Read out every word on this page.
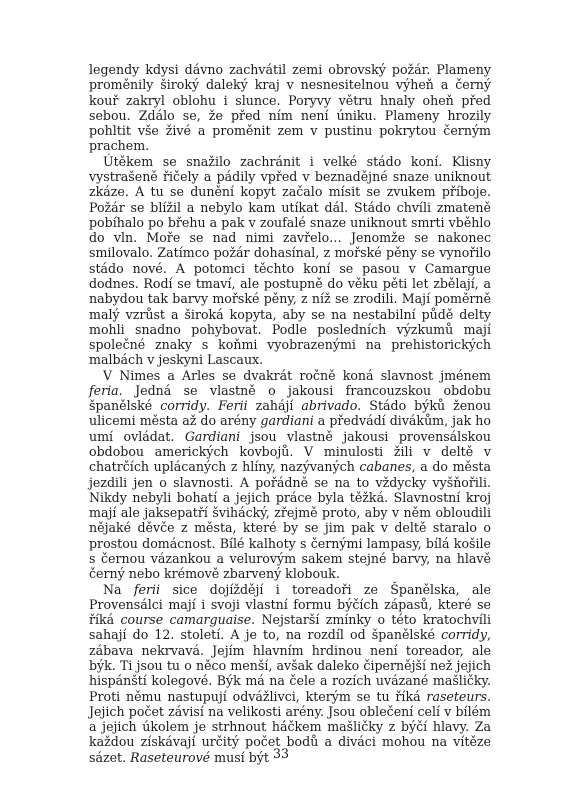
legendy kdysi dávno zachvátil zemi obrovský požár. Plameny proměnily široký daleký kraj v nesnesitelnou výheň a černý kouř zakryl oblohu i slunce. Poryvy větru hnaly oheň před sebou. Zdálo se, že před ním není úniku. Plameny hrozily pohltit vše živé a proměnit zem v pustinu pokrytou černým prachem.

Útěkem se snažilo zachránit i velké stádo koní. Klisny vystrašeně řičely a pádily vpřed v beznadějné snaze uniknout zkáze. A tu se dunění kopyt začalo mísit se zvukem příboje. Požár se blížil a nebylo kam utíkat dál. Stádo chvíli zmateně pobíhalo po břehu a pak v zoufalé snaze uniknout smrti vběhlo do vln. Moře se nad nimi zavřelo… Jenomže se nakonec smilovalo. Zatímco požár dohasínal, z mořské pěny se vynořilo stádo nové. A potomci těchto koní se pasou v Camargue dodnes. Rodí se tmaví, ale postupně do věku pěti let zbělají, a nabydou tak barvy mořské pěny, z níž se zrodili. Mají poměrně malý vzrůst a široká kopyta, aby se na nestabilní půdě delty mohli snadno pohybovat. Podle posledních výzkumů mají společné znaky s koňmi vyobrazenými na prehistorických malbách v jeskyni Lascaux.

V Nimes a Arles se dvakrát ročně koná slavnost jménem feria. Jedná se vlastně o jakousi francouzskou obdobu španělské corridy. Ferii zahájí abrivado. Stádo býků ženou ulicemi města až do arény gardiani a předvádí divákům, jak ho umí ovládat. Gardiani jsou vlastně jakousi provensálskou obdobou amerických kovbojů. V minulosti žili v deltě v chatrčích uplácaných z hlíny, nazývaných cabanes, a do města jezdili jen o slavnosti. A pořádně se na to vždycky vyšňořili. Nikdy nebyli bohatí a jejich práce byla těžká. Slavnostní kroj mají ale jaksepatří švihácký, zřejmě proto, aby v něm obloudili nějaké děvče z města, které by se jim pak v deltě staralo o prostou domácnost. Bílé kalhoty s černými lampasy, bílá košile s černou vázankou a velurovým sakem stejné barvy, na hlavě černý nebo krémově zbarvený klobouk.

Na ferii sice dojíždějí i toreadoři ze Španělska, ale Provensálci mají i svoji vlastní formu býčích zápasů, které se říká course camarguaise. Nejstarší zmínky o této kratochvíli sahají do 12. století. A je to, na rozdíl od španělské corridy, zábava nekrvavá. Jejím hlavním hrdinou není toreador, ale býk. Ti jsou tu o něco menší, avšak daleko čipernější než jejich hispánští kolegové. Býk má na čele a rozích uvázané mašličky. Proti němu nastupují odvážlivci, kterým se tu říká raseteurs. Jejich počet závisí na velikosti arény. Jsou oblečení celí v bílém a jejich úkolem je strhnout háčkem mašličky z býčí hlavy. Za každou získávají určitý počet bodů a diváci mohou na vítěze sázet. Raseteurové musí být 33
